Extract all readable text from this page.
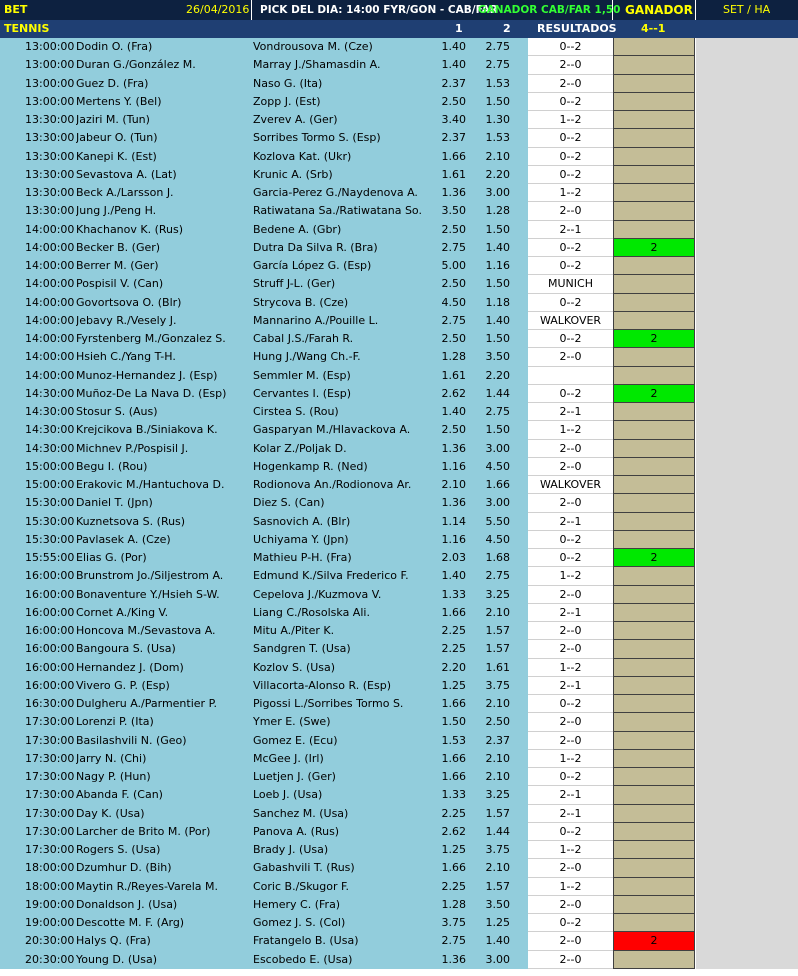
BET	26/04/2016 PICK DEL DIA: 14:00 FYR/GON - CAB/FAR
GANADOR CAB/FAR 1,50 GANADOR	SET / HA
TENNIS	1	2 RESULTADOS 4--1
13:00:00 Dodin O. (Fra)	Vondrousova M. (Cze)	1.40	2.75	0--2
13:00:00 Duran G./González M.	Marray J./Shamasdin A.	1.40	2.75	2--0
13:00:00 Guez D. (Fra)	Naso G. (Ita)	2.37	1.53	2--0
13:00:00 Mertens Y. (Bel)	Zopp J. (Est)	2.50	1.50	0--2
13:30:00 Jaziri M. (Tun)	Zverev A. (Ger)	3.40	1.30	1--2
13:30:00 Jabeur O. (Tun)	Sorribes Tormo S. (Esp)	2.37	1.53	0--2
13:30:00 Kanepi K. (Est)	Kozlova Kat. (Ukr)	1.66	2.10	0--2
13:30:00 Sevastova A. (Lat)	Krunic A. (Srb)	1.61	2.20	0--2
13:30:00 Beck A./Larsson J.	Garcia-Perez G./Naydenova A.	1.36	3.00	1--2
13:30:00 Jung J./Peng H.	Ratiwatana Sa./Ratiwatana So.	3.50	1.28	2--0
14:00:00 Khachanov K. (Rus)	Bedene A. (Gbr)	2.50	1.50	2--1
14:00:00 Becker B. (Ger)	Dutra Da Silva R. (Bra)	2.75	1.40	0--2	2
14:00:00 Berrer M. (Ger)	García López G. (Esp)	5.00	1.16	0--2
14:00:00 Pospisil V. (Can)	Struff J-L. (Ger)	2.50	1.50	MUNICH
14:00:00 Govortsova O. (Blr)	Strycova B. (Cze)	4.50	1.18	0--2
14:00:00 Jebavy R./Vesely J.	Mannarino A./Pouille L.	2.75	1.40	WALKOVER
14:00:00 Fyrstenberg M./Gonzalez S.	Cabal J.S./Farah R.	2.50	1.50	0--2	2
14:00:00 Hsieh C./Yang T-H.	Hung J./Wang Ch.-F.	1.28	3.50	2--0
14:00:00 Munoz-Hernandez J. (Esp)	Semmler M. (Esp)	1.61	2.20
14:30:00 Muñoz-De La Nava D. (Esp)	Cervantes I. (Esp)	2.62	1.44	0--2	2
14:30:00 Stosur S. (Aus)	Cirstea S. (Rou)	1.40	2.75	2--1
14:30:00 Krejcikova B./Siniakova K.	Gasparyan M./Hlavackova A.	2.50	1.50	1--2
14:30:00 Michnev P./Pospisil J.	Kolar Z./Poljak D.	1.36	3.00	2--0
15:00:00 Begu I. (Rou)	Hogenkamp R. (Ned)	1.16	4.50	2--0
15:00:00 Erakovic M./Hantuchova D.	Rodionova An./Rodionova Ar.	2.10	1.66	WALKOVER
15:30:00 Daniel T. (Jpn)	Diez S. (Can)	1.36	3.00	2--0
15:30:00 Kuznetsova S. (Rus)	Sasnovich A. (Blr)	1.14	5.50	2--1
15:30:00 Pavlasek A. (Cze)	Uchiyama Y. (Jpn)	1.16	4.50	0--2
15:55:00 Elias G. (Por)	Mathieu P-H. (Fra)	2.03	1.68	0--2	2
16:00:00 Brunstrom Jo./Siljestrom A.	Edmund K./Silva Frederico F.	1.40	2.75	1--2
16:00:00 Bonaventure Y./Hsieh S-W.	Cepelova J./Kuzmova V.	1.33	3.25	2--0
16:00:00 Cornet A./King V.	Liang C./Rosolska Ali.	1.66	2.10	2--1
16:00:00 Honcova M./Sevastova A.	Mitu A./Piter K.	2.25	1.57	2--0
16:00:00 Bangoura S. (Usa)	Sandgren T. (Usa)	2.25	1.57	2--0
16:00:00 Hernandez J. (Dom)	Kozlov S. (Usa)	2.20	1.61	1--2
16:00:00 Vivero G. P. (Esp)	Villacorta-Alonso R. (Esp)	1.25	3.75	2--1
16:30:00 Dulgheru A./Parmentier P.	Pigossi L./Sorribes Tormo S.	1.66	2.10	0--2
17:30:00 Lorenzi P. (Ita)	Ymer E. (Swe)	1.50	2.50	2--0
17:30:00 Basilashvili N. (Geo)	Gomez E. (Ecu)	1.53	2.37	2--0
17:30:00 Jarry N. (Chi)	McGee J. (Irl)	1.66	2.10	1--2
17:30:00 Nagy P. (Hun)	Luetjen J. (Ger)	1.66	2.10	0--2
17:30:00 Abanda F. (Can)	Loeb J. (Usa)	1.33	3.25	2--1
17:30:00 Day K. (Usa)	Sanchez M. (Usa)	2.25	1.57	2--1
17:30:00 Larcher de Brito M. (Por)	Panova A. (Rus)	2.62	1.44	0--2
17:30:00 Rogers S. (Usa)	Brady J. (Usa)	1.25	3.75	1--2
18:00:00 Dzumhur D. (Bih)	Gabashvili T. (Rus)	1.66	2.10	2--0
18:00:00 Maytin R./Reyes-Varela M.	Coric B./Skugor F.	2.25	1.57	1--2
19:00:00 Donaldson J. (Usa)	Hemery C. (Fra)	1.28	3.50	2--0
19:00:00 Descotte M. F. (Arg)	Gomez J. S. (Col)	3.75	1.25	0--2
20:30:00 Halys Q. (Fra)	Fratangelo B. (Usa)	2.75	1.40	2--0	2
20:30:00 Young D. (Usa)	Escobedo E. (Usa)	1.36	3.00	2--0
